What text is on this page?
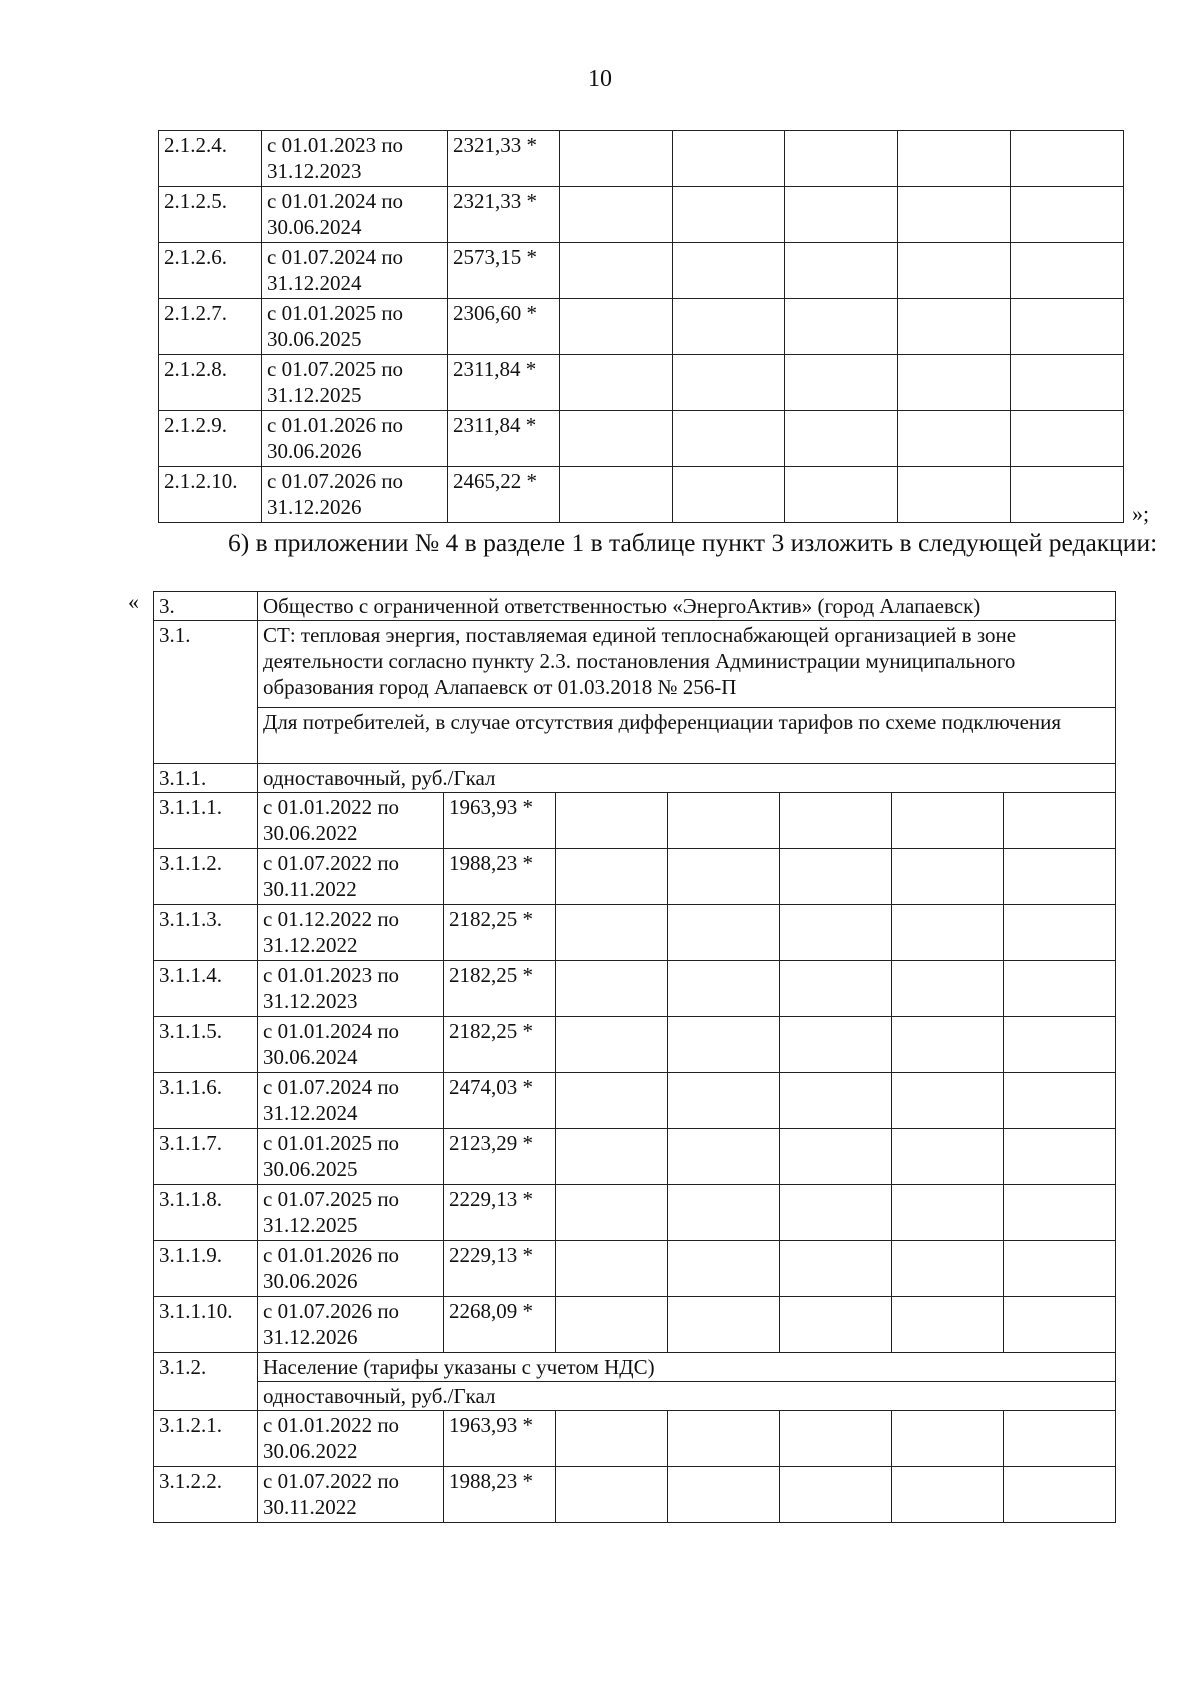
10
2.1.2.4.	с 01.01.2023 по 31.12.2023	2321,33 *					
2.1.2.5.	с 01.01.2024 по 30.06.2024	2321,33 *					
2.1.2.6.	с 01.07.2024 по 31.12.2024	2573,15 *					
2.1.2.7.	с 01.01.2025 по 30.06.2025	2306,60 *					
2.1.2.8.	с 01.07.2025 по 31.12.2025	2311,84 *					
2.1.2.9.	с 01.01.2026 по 30.06.2026	2311,84 *					
2.1.2.10.	с 01.07.2026 по 31.12.2026	2465,22 *					
»;
6) в приложении № 4 в разделе 1 в таблице пункт 3 изложить в следующей редакции:
« 3.	Общество с ограниченной ответственностью «ЭнергоАктив» (город Алапаевск)						
3.1.	СТ: тепловая энергия, поставляемая единой теплоснабжающей организацией в зоне деятельности согласно пункту 2.3. постановления Администрации муниципального образования город Алапаевск от 01.03.2018 № 256-П						
	Для потребителей, в случае отсутствия дифференциации тарифов по схеме подключения						
3.1.1.	одноставочный, руб./Гкал						
3.1.1.1.	с 01.01.2022 по 30.06.2022	1963,93 *					
3.1.1.2.	с 01.07.2022 по 30.11.2022	1988,23 *					
3.1.1.3.	с 01.12.2022 по 31.12.2022	2182,25 *					
3.1.1.4.	с 01.01.2023 по 31.12.2023	2182,25 *					
3.1.1.5.	с 01.01.2024 по 30.06.2024	2182,25 *					
3.1.1.6.	с 01.07.2024 по 31.12.2024	2474,03 *					
3.1.1.7.	с 01.01.2025 по 30.06.2025	2123,29 *					
3.1.1.8.	с 01.07.2025 по 31.12.2025	2229,13 *					
3.1.1.9.	с 01.01.2026 по 30.06.2026	2229,13 *					
3.1.1.10.	с 01.07.2026 по 31.12.2026	2268,09 *					
3.1.2.	Население (тарифы указаны с учетом НДС)						
	одноставочный, руб./Гкал						
3.1.2.1.	с 01.01.2022 по 30.06.2022	1963,93 *					
3.1.2.2.	с 01.07.2022 по 30.11.2022	1988,23 *					
